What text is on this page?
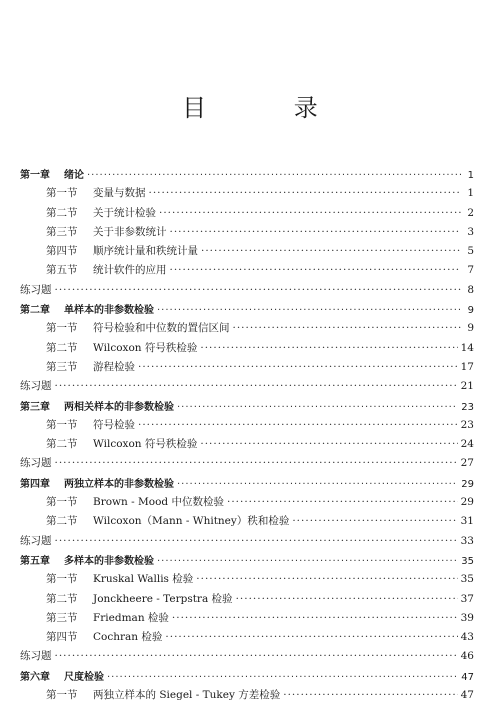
目 录
第一章	绪论 ·····	1
第一节	变量与数据 ·····	1
第二节	关于统计检验 ·····	2
第三节	关于非参数统计 ·····	3
第四节	顺序统计量和秩统计量 ·····	5
第五节	统计软件的应用 ·····	7
练习题 ·····	8
第二章	单样本的非参数检验 ·····	9
第一节	符号检验和中位数的置信区间 ·····	9
第二节	Wilcoxon 符号秩检验 ·····	14
第三节	游程检验 ·····	17
练习题 ·····	21
第三章	两相关样本的非参数检验 ·····	23
第一节	符号检验 ·····	23
第二节	Wilcoxon 符号秩检验 ·····	24
练习题 ·····	27
第四章	两独立样本的非参数检验 ·····	29
第一节	Brown - Mood 中位数检验 ·····	29
第二节	Wilcoxon（Mann - Whitney）秩和检验 ·····	31
练习题 ·····	33
第五章	多样本的非参数检验 ·····	35
第一节	Kruskal Wallis 检验 ·····	35
第二节	Jonckheere - Terpstra 检验 ·····	37
第三节	Friedman 检验 ·····	39
第四节	Cochran 检验 ·····	43
练习题 ·····	46
第六章	尺度检验 ·····	47
第一节	两独立样本的 Siegel - Tukey 方差检验 ·····	47
